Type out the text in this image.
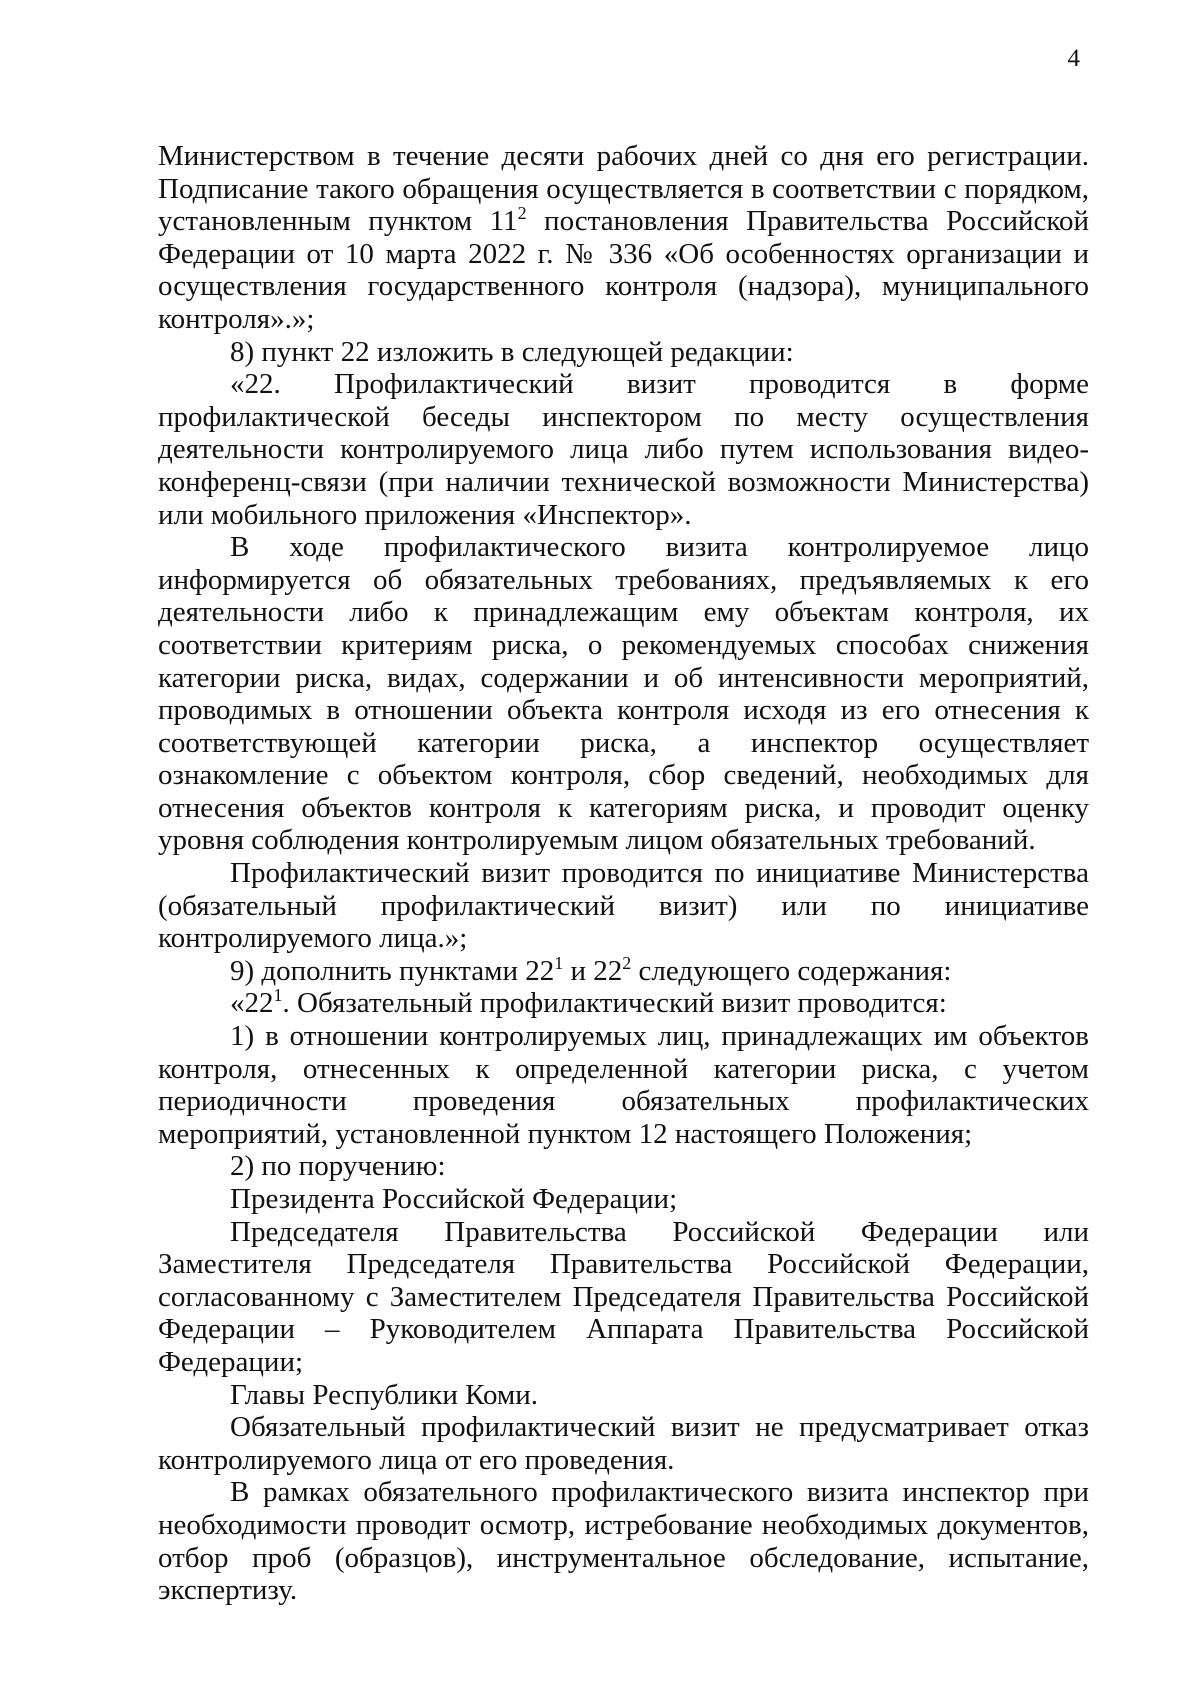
4

Министерством в течение десяти рабочих дней со дня его регистрации. Подписание такого обращения осуществляется в соответствии с порядком, установленным пунктом $11^2$ постановления Правительства Российской Федерации от 10 марта 2022 г. № 336 «Об особенностях организации и осуществления государственного контроля (надзора), муниципального контроля».»;

8) пункт 22 изложить в следующей редакции:

«22. Профилактический визит проводится в форме профилактической беседы инспектором по месту осуществления деятельности контролируемого лица либо путем использования видео-конференц-связи (при наличии технической возможности Министерства) или мобильного приложения «Инспектор».

В ходе профилактического визита контролируемое лицо информируется об обязательных требованиях, предъявляемых к его деятельности либо к принадлежащим ему объектам контроля, их соответствии критериям риска, о рекомендуемых способах снижения категории риска, видах, содержании и об интенсивности мероприятий, проводимых в отношении объекта контроля исходя из его отнесения к соответствующей категории риска, а инспектор осуществляет ознакомление с объектом контроля, сбор сведений, необходимых для отнесения объектов контроля к категориям риска, и проводит оценку уровня соблюдения контролируемым лицом обязательных требований.

Профилактический визит проводится по инициативе Министерства (обязательный профилактический визит) или по инициативе контролируемого лица.»;

9) дополнить пунктами $22^1$ и $22^2$ следующего содержания:

«$22^1$. Обязательный профилактический визит проводится:

1) в отношении контролируемых лиц, принадлежащих им объектов контроля, отнесенных к определенной категории риска, с учетом периодичности проведения обязательных профилактических мероприятий, установленной пунктом 12 настоящего Положения;

2) по поручению:

Президента Российской Федерации;

Председателя Правительства Российской Федерации или Заместителя Председателя Правительства Российской Федерации, согласованному с Заместителем Председателя Правительства Российской Федерации – Руководителем Аппарата Правительства Российской Федерации;

Главы Республики Коми.

Обязательный профилактический визит не предусматривает отказ контролируемого лица от его проведения.

В рамках обязательного профилактического визита инспектор при необходимости проводит осмотр, истребование необходимых документов, отбор проб (образцов), инструментальное обследование, испытание, экспертизу.
